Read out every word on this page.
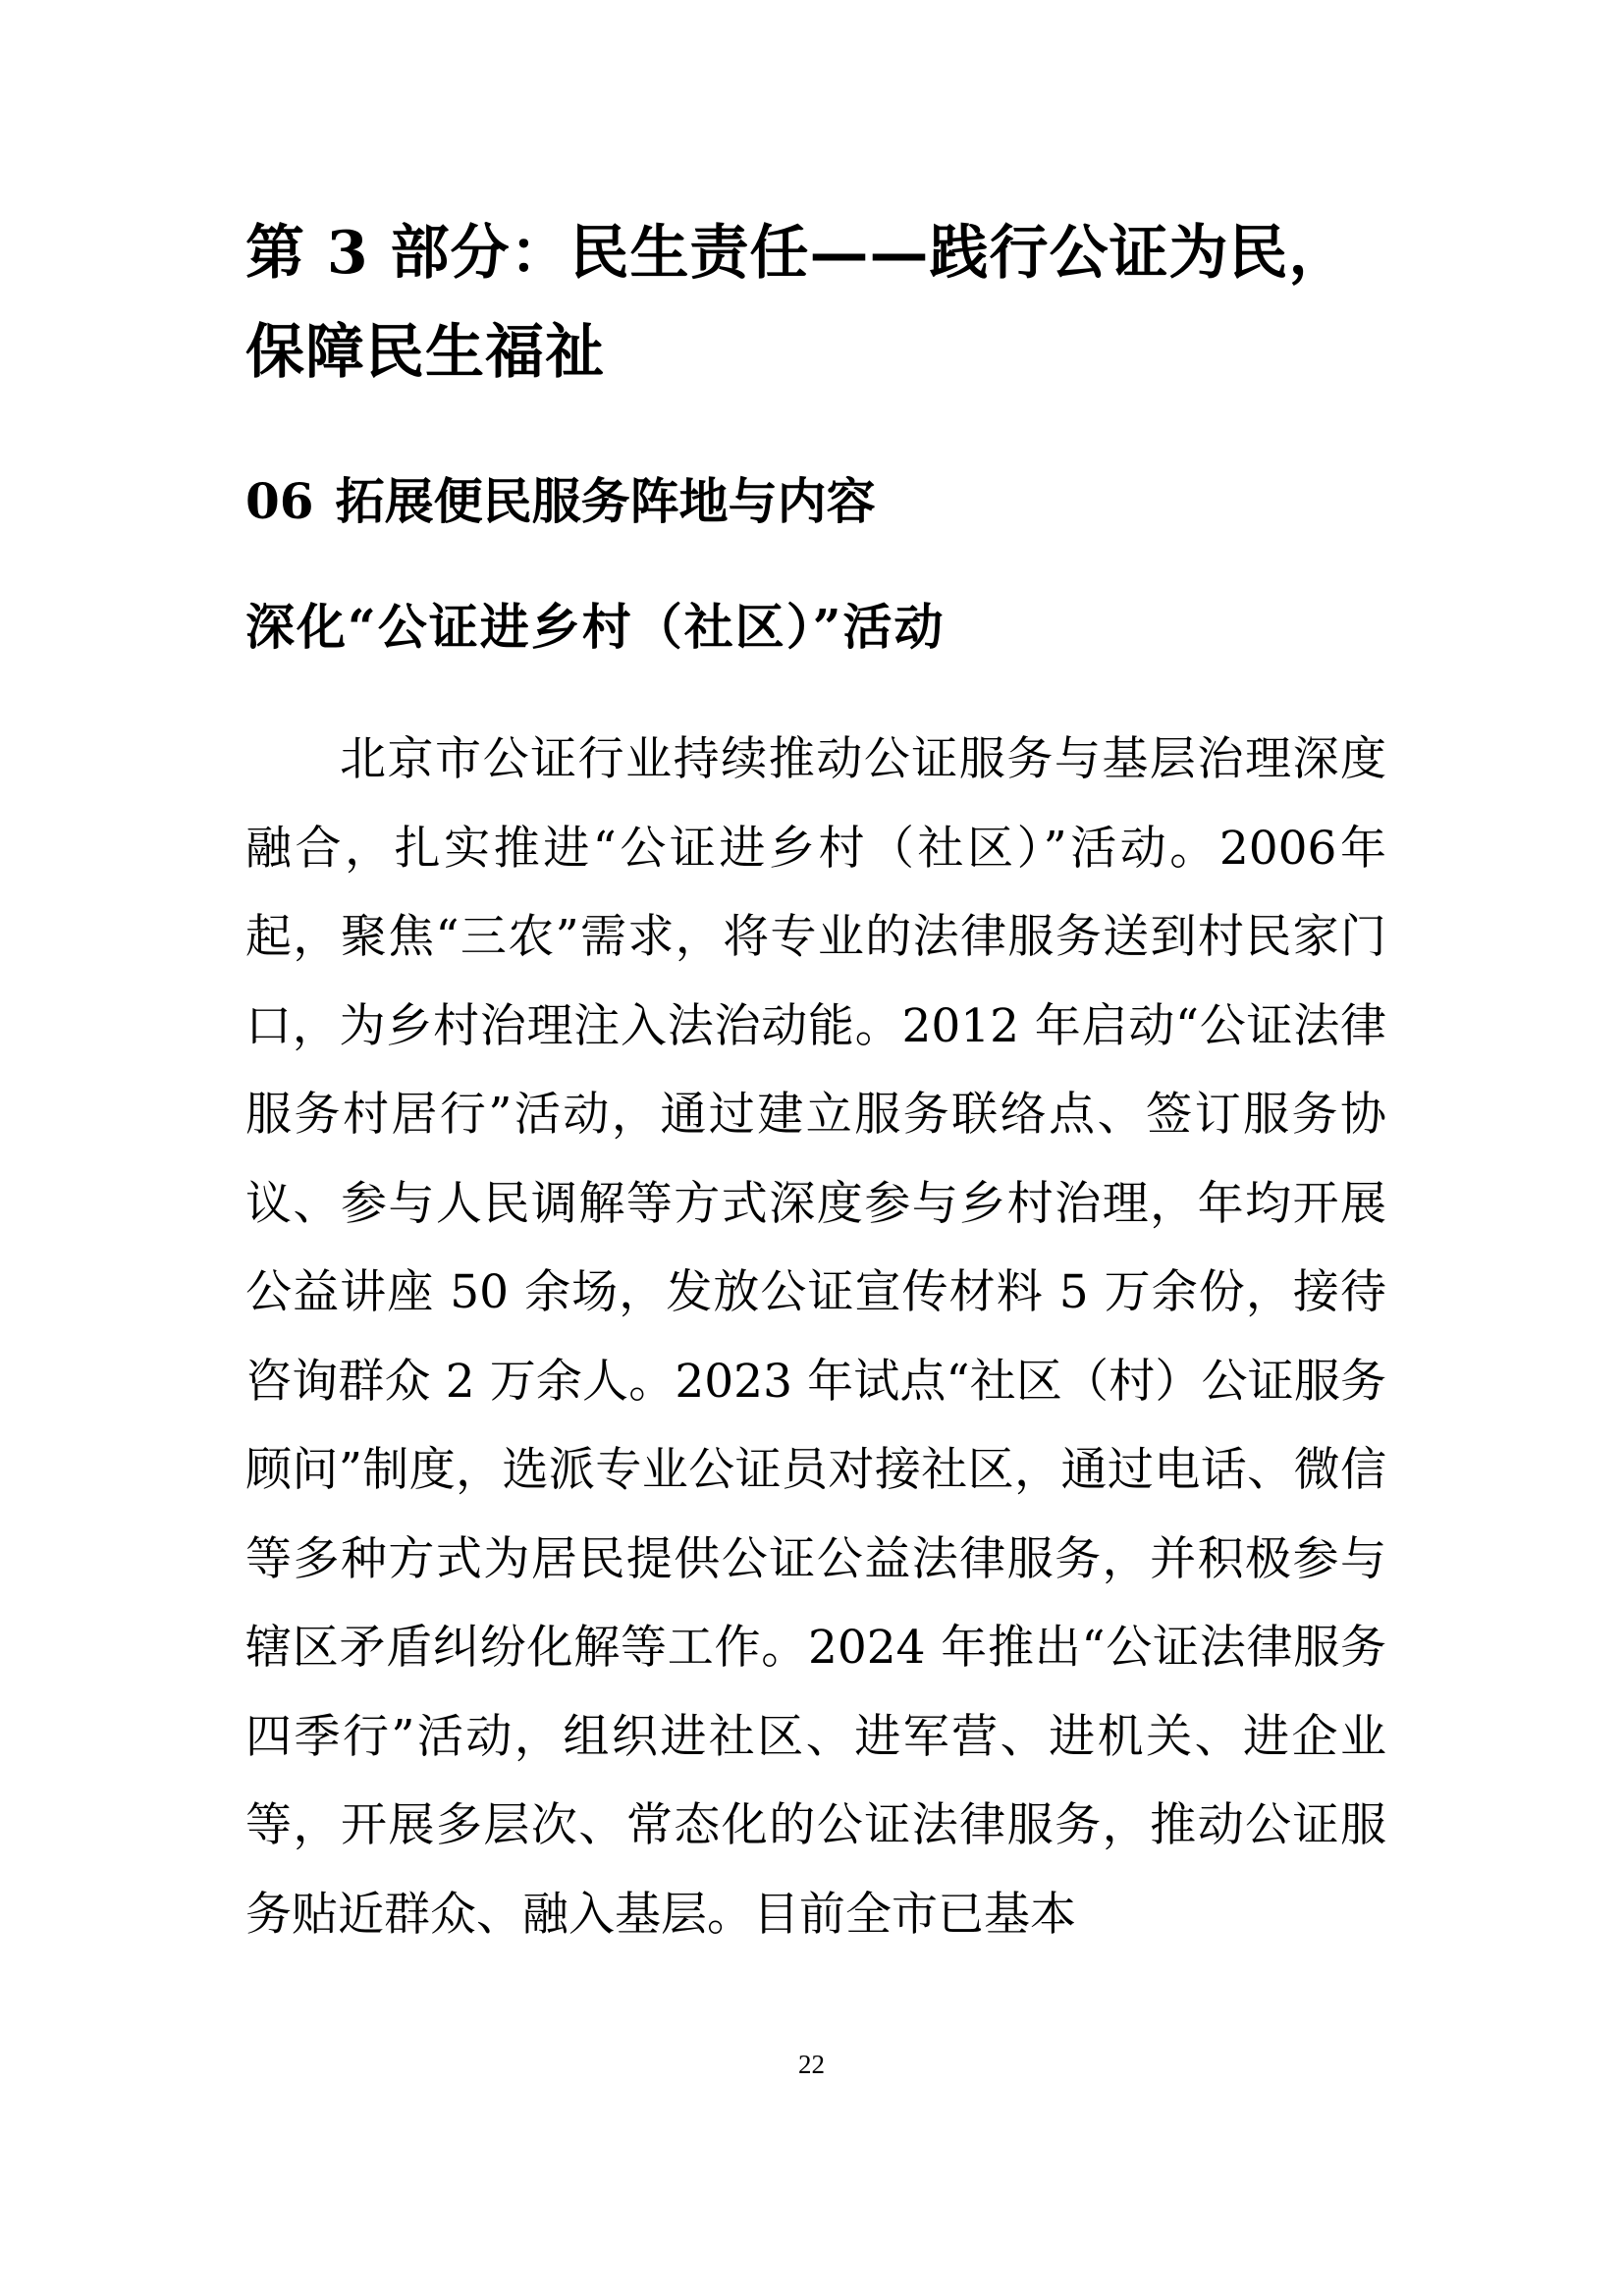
第 3 部分：民生责任——践行公证为民，保障民生福祉
06 拓展便民服务阵地与内容
深化“公证进乡村（社区）”活动

北京市公证行业持续推动公证服务与基层治理深度融合，扎实推进“公证进乡村（社区）”活动。2006年起，聚焦“三农”需求，将专业的法律服务送到村民家门口，为乡村治理注入法治动能。2012 年启动“公证法律服务村居行”活动，通过建立服务联络点、签订服务协议、参与人民调解等方式深度参与乡村治理，年均开展公益讲座 50 余场，发放公证宣传材料 5 万余份，接待咨询群众 2 万余人。2023 年试点“社区（村）公证服务顾问”制度，选派专业公证员对接社区，通过电话、微信等多种方式为居民提供公证公益法律服务，并积极参与辖区矛盾纠纷化解等工作。2024 年推出“公证法律服务四季行”活动，组织进社区、进军营、进机关、进企业等，开展多层次、常态化的公证法律服务，推动公证服务贴近群众、融入基层。目前全市已基本

22
